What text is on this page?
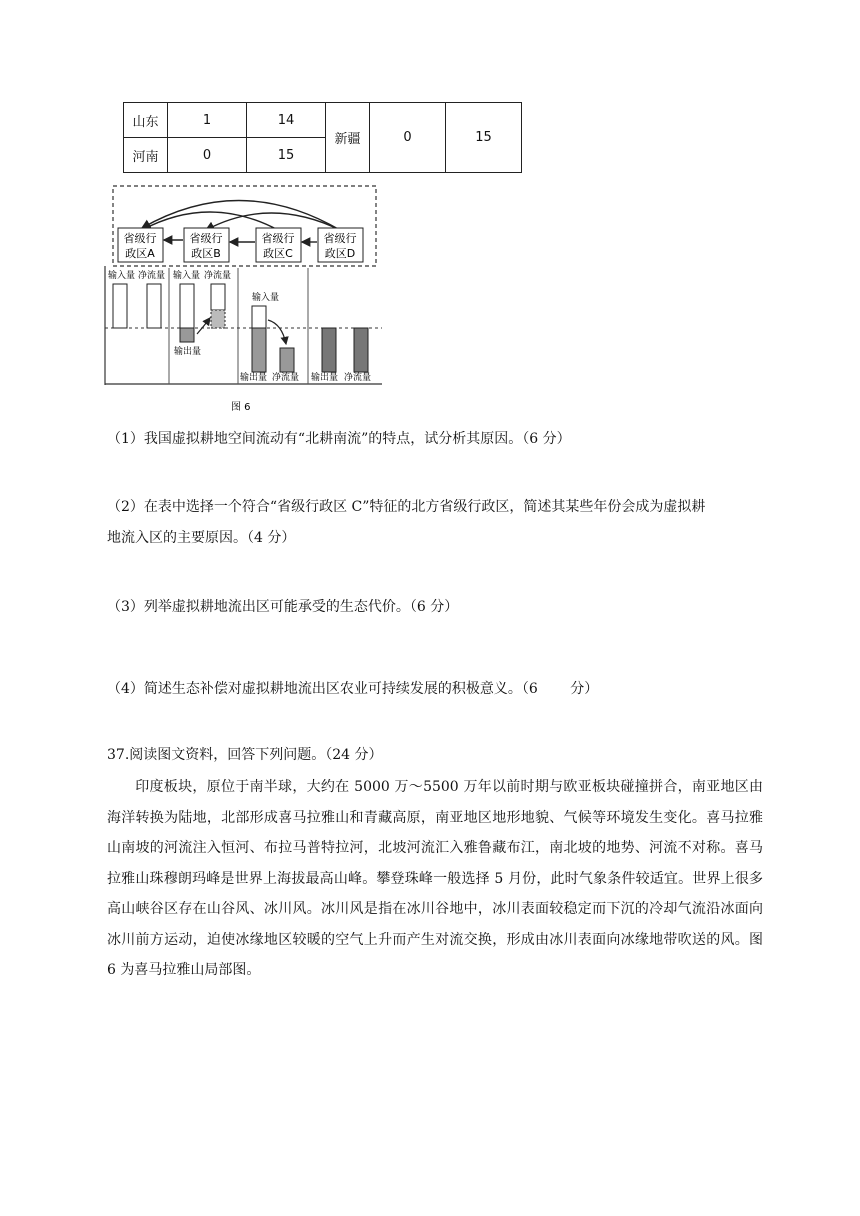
山东	1	14	新疆	0	15
河南	0	15			
省级行
政区A
省级行
政区B
省级行
政区C
省级行
政区D
输入量 净流量 输入量 净流量
输出量
输入量
输出量 净流量 输出量 净流量
图 6
（1）我国虚拟耕地空间流动有“北耕南流”的特点，试分析其原因。（6 分）
（2）在表中选择一个符合“省级行政区 C”特征的北方省级行政区，简述其某些年份会成为虚拟耕
地流入区的主要原因。（4 分）
（3）列举虚拟耕地流出区可能承受的生态代价。（6 分）
（4）简述生态补偿对虚拟耕地流出区农业可持续发展的积极意义。（6　　 分）
37.阅读图文资料，回答下列问题。（24 分）
印度板块，原位于南半球，大约在 5000 万～5500 万年以前时期与欧亚板块碰撞拼合，南亚地区由海洋转换为陆地，北部形成喜马拉雅山和青藏高原，南亚地区地形地貌、气候等环境发生变化。喜马拉雅山南坡的河流注入恒河、布拉马普特拉河，北坡河流汇入雅鲁藏布江，南北坡的地势、河流不对称。喜马拉雅山珠穆朗玛峰是世界上海拔最高山峰。攀登珠峰一般选择 5 月份，此时气象条件较适宜。世界上很多高山峡谷区存在山谷风、冰川风。冰川风是指在冰川谷地中，冰川表面较稳定而下沉的冷却气流沿冰面向冰川前方运动，迫使冰缘地区较暖的空气上升而产生对流交换，形成由冰川表面向冰缘地带吹送的风。图 6 为喜马拉雅山局部图。
